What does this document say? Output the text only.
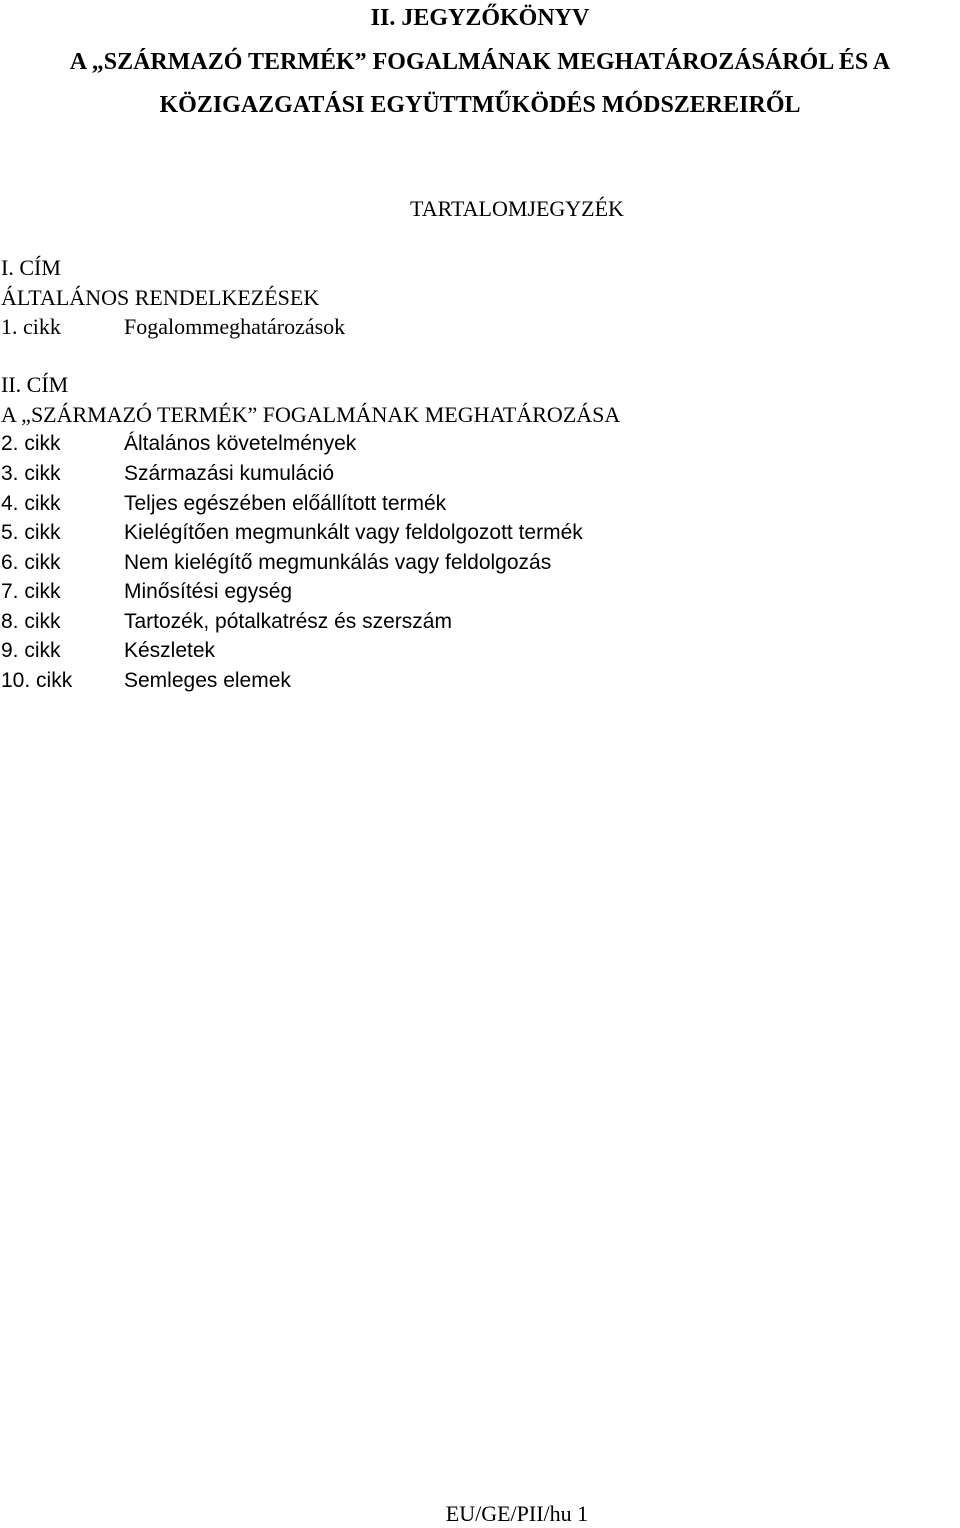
II. JEGYZŐKÖNYV
A „SZÁRMAZÓ TERMÉK” FOGALMÁNAK MEGHATÁROZÁSÁRÓL ÉS A
KÖZIGAZGATÁSI EGYÜTTMŰKÖDÉS MÓDSZEREIRŐL
TARTALOMJEGYZÉK
I. CÍM
ÁLTALÁNOS RENDELKEZÉSEK
1. cikk	Fogalommeghatározások
II. CÍM
A „SZÁRMAZÓ TERMÉK” FOGALMÁNAK MEGHATÁROZÁSA
2. cikk	Általános követelmények
3. cikk	Származási kumuláció
4. cikk	Teljes egészében előállított termék
5. cikk	Kielégítően megmunkált vagy feldolgozott termék
6. cikk	Nem kielégítő megmunkálás vagy feldolgozás
7. cikk	Minősítési egység
8. cikk	Tartozék, pótalkatrész és szerszám
9. cikk	Készletek
10. cikk Semleges elemek
EU/GE/PII/hu 1
